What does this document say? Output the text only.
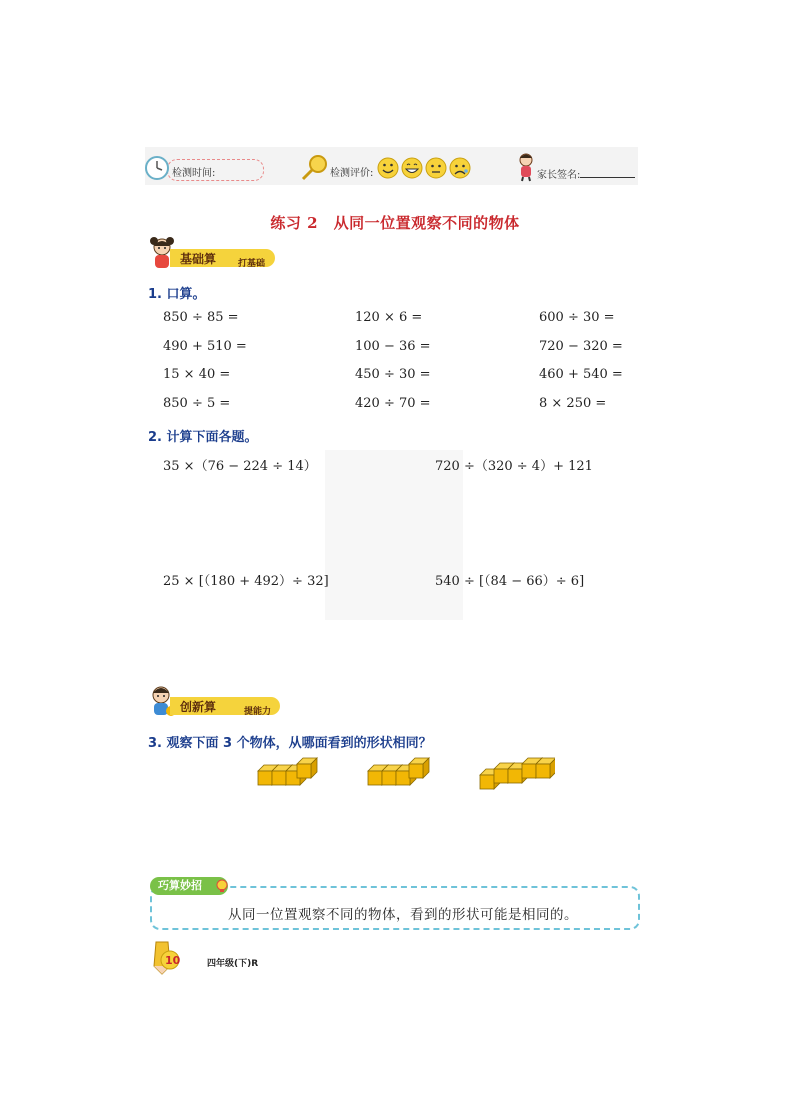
检测时间:	检测评价:	家长签名:
练习 2　从同一位置观察不同的物体
基础算 打基础
1. 口算。
850 ÷ 85 =	120 × 6 =	600 ÷ 30 =
490 + 510 =	100 − 36 =	720 − 320 =
15 × 40 =	450 ÷ 30 =	460 + 540 =
850 ÷ 5 =	420 ÷ 70 =	8 × 250 =
2. 计算下面各题。
35 ×（76 − 224 ÷ 14）	720 ÷（320 ÷ 4）+ 121
25 × [（180 + 492）÷ 32]	540 ÷ [（84 − 66）÷ 6]
创新算	提能力
3. 观察下面 3 个物体，从哪面看到的形状相同？
巧算妙招
从同一位置观察不同的物体，看到的形状可能是相同的。
10	四年级(下)R
